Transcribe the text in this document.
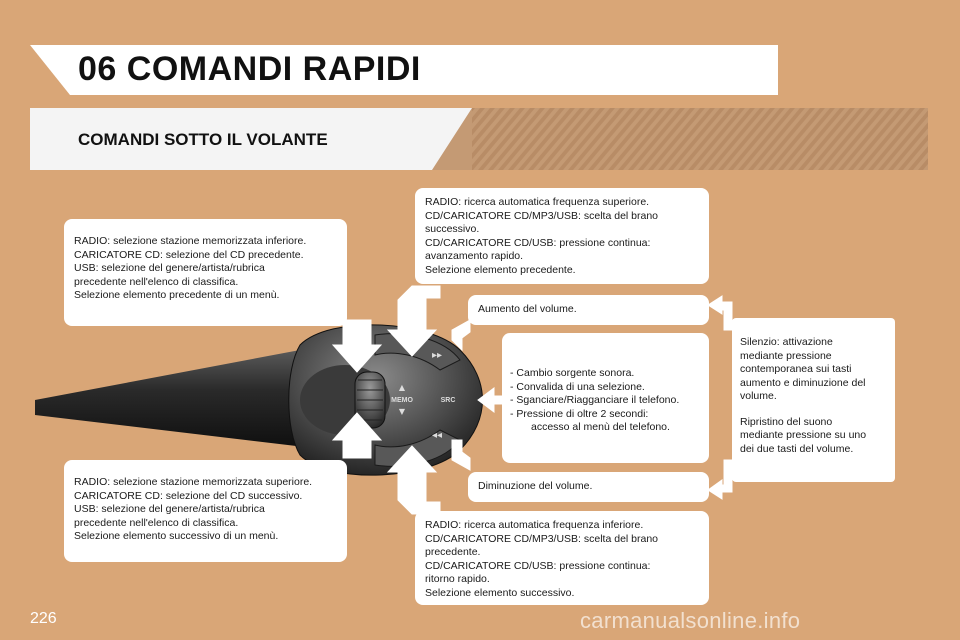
06 COMANDI RAPIDI
COMANDI SOTTO IL VOLANTE
▸▸
◂◂
▲
▼
MEMO	SRC
RADIO: selezione stazione memorizzata inferiore.
CARICATORE CD: selezione del CD precedente.
USB: selezione del genere/artista/rubrica
precedente nell'elenco di classifica.
Selezione elemento precedente di un menù.
RADIO: selezione stazione memorizzata superiore.
CARICATORE CD: selezione del CD successivo.
USB: selezione del genere/artista/rubrica
precedente nell'elenco di classifica.
Selezione elemento successivo di un menù.
RADIO: ricerca automatica frequenza superiore.
CD/CARICATORE CD/MP3/USB: scelta del brano
successivo.
CD/CARICATORE CD/USB: pressione continua:
avanzamento rapido.
Selezione elemento precedente.
RADIO: ricerca automatica frequenza inferiore.
CD/CARICATORE CD/MP3/USB: scelta del brano
precedente.
CD/CARICATORE CD/USB: pressione continua:
ritorno rapido.
Selezione elemento successivo.
Aumento del volume.
Diminuzione del volume.
- Cambio sorgente sonora.
- Convalida di una selezione.
- Sganciare/Riagganciare il telefono.
- Pressione di oltre 2 secondi:
accesso al menù del telefono.
Silenzio: attivazione
mediante pressione
contemporanea sui tasti
aumento e diminuzione del
volume.
Ripristino del suono
mediante pressione su uno
dei due tasti del volume.
226	carmanualsonline.info
